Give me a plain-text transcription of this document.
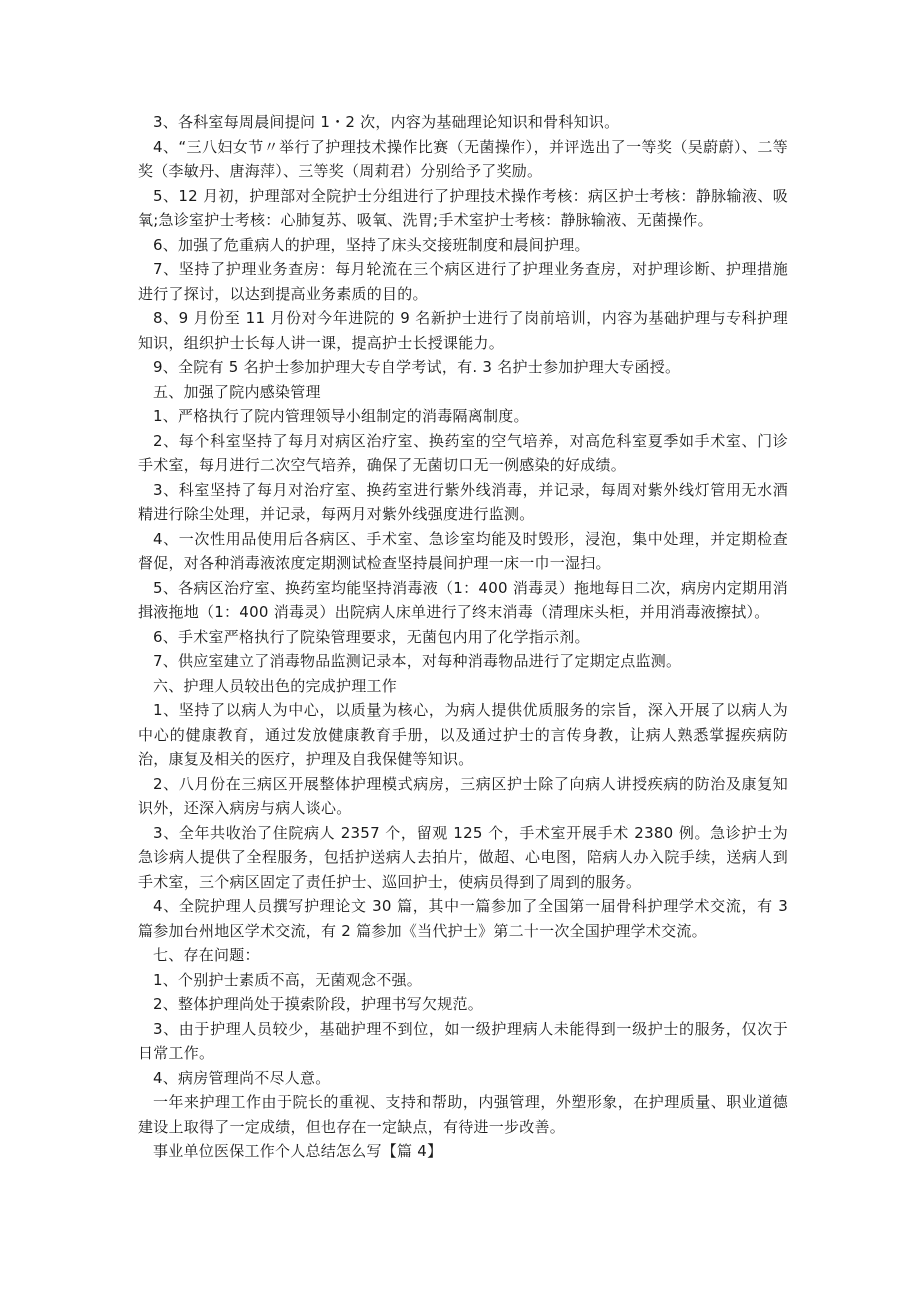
3、各科室每周晨间提问 1・2 次，内容为基础理论知识和骨科知识。

4、“三八妇女节〃举行了护理技术操作比赛（无菌操作），并评选出了一等奖（吴蔚蔚）、二等奖（李敏丹、唐海萍）、三等奖（周莉君）分别给予了奖励。

5、12 月初，护理部对全院护士分组进行了护理技术操作考核：病区护士考核：静脉输液、吸氧;急诊室护士考核：心肺复苏、吸氧、洗胃;手术室护士考核：静脉输液、无菌操作。

6、加强了危重病人的护理，坚持了床头交接班制度和晨间护理。

7、坚持了护理业务查房：每月轮流在三个病区进行了护理业务查房，对护理诊断、护理措施进行了探讨，以达到提高业务素质的目的。

8、9 月份至 11 月份对今年进院的 9 名新护士进行了岗前培训，内容为基础护理与专科护理知识，组织护士长每人讲一课，提高护士长授课能力。

9、全院有 5 名护士参加护理大专自学考试，有. 3 名护士参加护理大专函授。

五、加强了院内感染管理

1、严格执行了院内管理领导小组制定的消毒隔离制度。

2、每个科室坚持了每月对病区治疗室、换药室的空气培养，对高危科室夏季如手术室、门诊手术室，每月进行二次空气培养，确保了无菌切口无一例感染的好成绩。

3、科室坚持了每月对治疗室、换药室进行紫外线消毒，并记录，每周对紫外线灯管用无水酒精进行除尘处理，并记录，每两月对紫外线强度进行监测。

4、一次性用品使用后各病区、手术室、急诊室均能及时毁形，浸泡，集中处理，并定期检查督促，对各种消毒液浓度定期测试检查坚持晨间护理一床一巾一湿扫。

5、各病区治疗室、换药室均能坚持消毒液（1：400 消毒灵）拖地每日二次，病房内定期用消揖液拖地（1：400 消毒灵）出院病人床单进行了终末消毒（清理床头柜，并用消毒液擦拭）。

6、手术室严格执行了院染管理要求，无菌包内用了化学指示剂。

7、供应室建立了消毒物品监测记录本，对每种消毒物品进行了定期定点监测。

六、护理人员较出色的完成护理工作

1、坚持了以病人为中心，以质量为核心，为病人提供优质服务的宗旨，深入开展了以病人为中心的健康教育，通过发放健康教育手册，以及通过护士的言传身教，让病人熟悉掌握疾病防治，康复及相关的医疗，护理及自我保健等知识。

2、八月份在三病区开展整体护理模式病房，三病区护士除了向病人讲授疾病的防治及康复知识外，还深入病房与病人谈心。

3、全年共收治了住院病人 2357 个，留观 125 个，手术室开展手术 2380 例。急诊护士为急诊病人提供了全程服务，包括护送病人去拍片，做超、心电图，陪病人办入院手续，送病人到手术室，三个病区固定了责任护士、巡回护士，使病员得到了周到的服务。

4、全院护理人员撰写护理论文 30 篇，其中一篇参加了全国第一届骨科护理学术交流，有 3 篇参加台州地区学术交流，有 2 篇参加《当代护士》第二十一次全国护理学术交流。

七、存在问题：

1、个别护士素质不高，无菌观念不强。

2、整体护理尚处于摸索阶段，护理书写欠规范。

3、由于护理人员较少，基础护理不到位，如一级护理病人未能得到一级护士的服务，仅次于日常工作。

4、病房管理尚不尽人意。

一年来护理工作由于院长的重视、支持和帮助，内强管理，外塑形象，在护理质量、职业道德建设上取得了一定成绩，但也存在一定缺点，有待进一步改善。

事业单位医保工作个人总结怎么写【篇 4】
